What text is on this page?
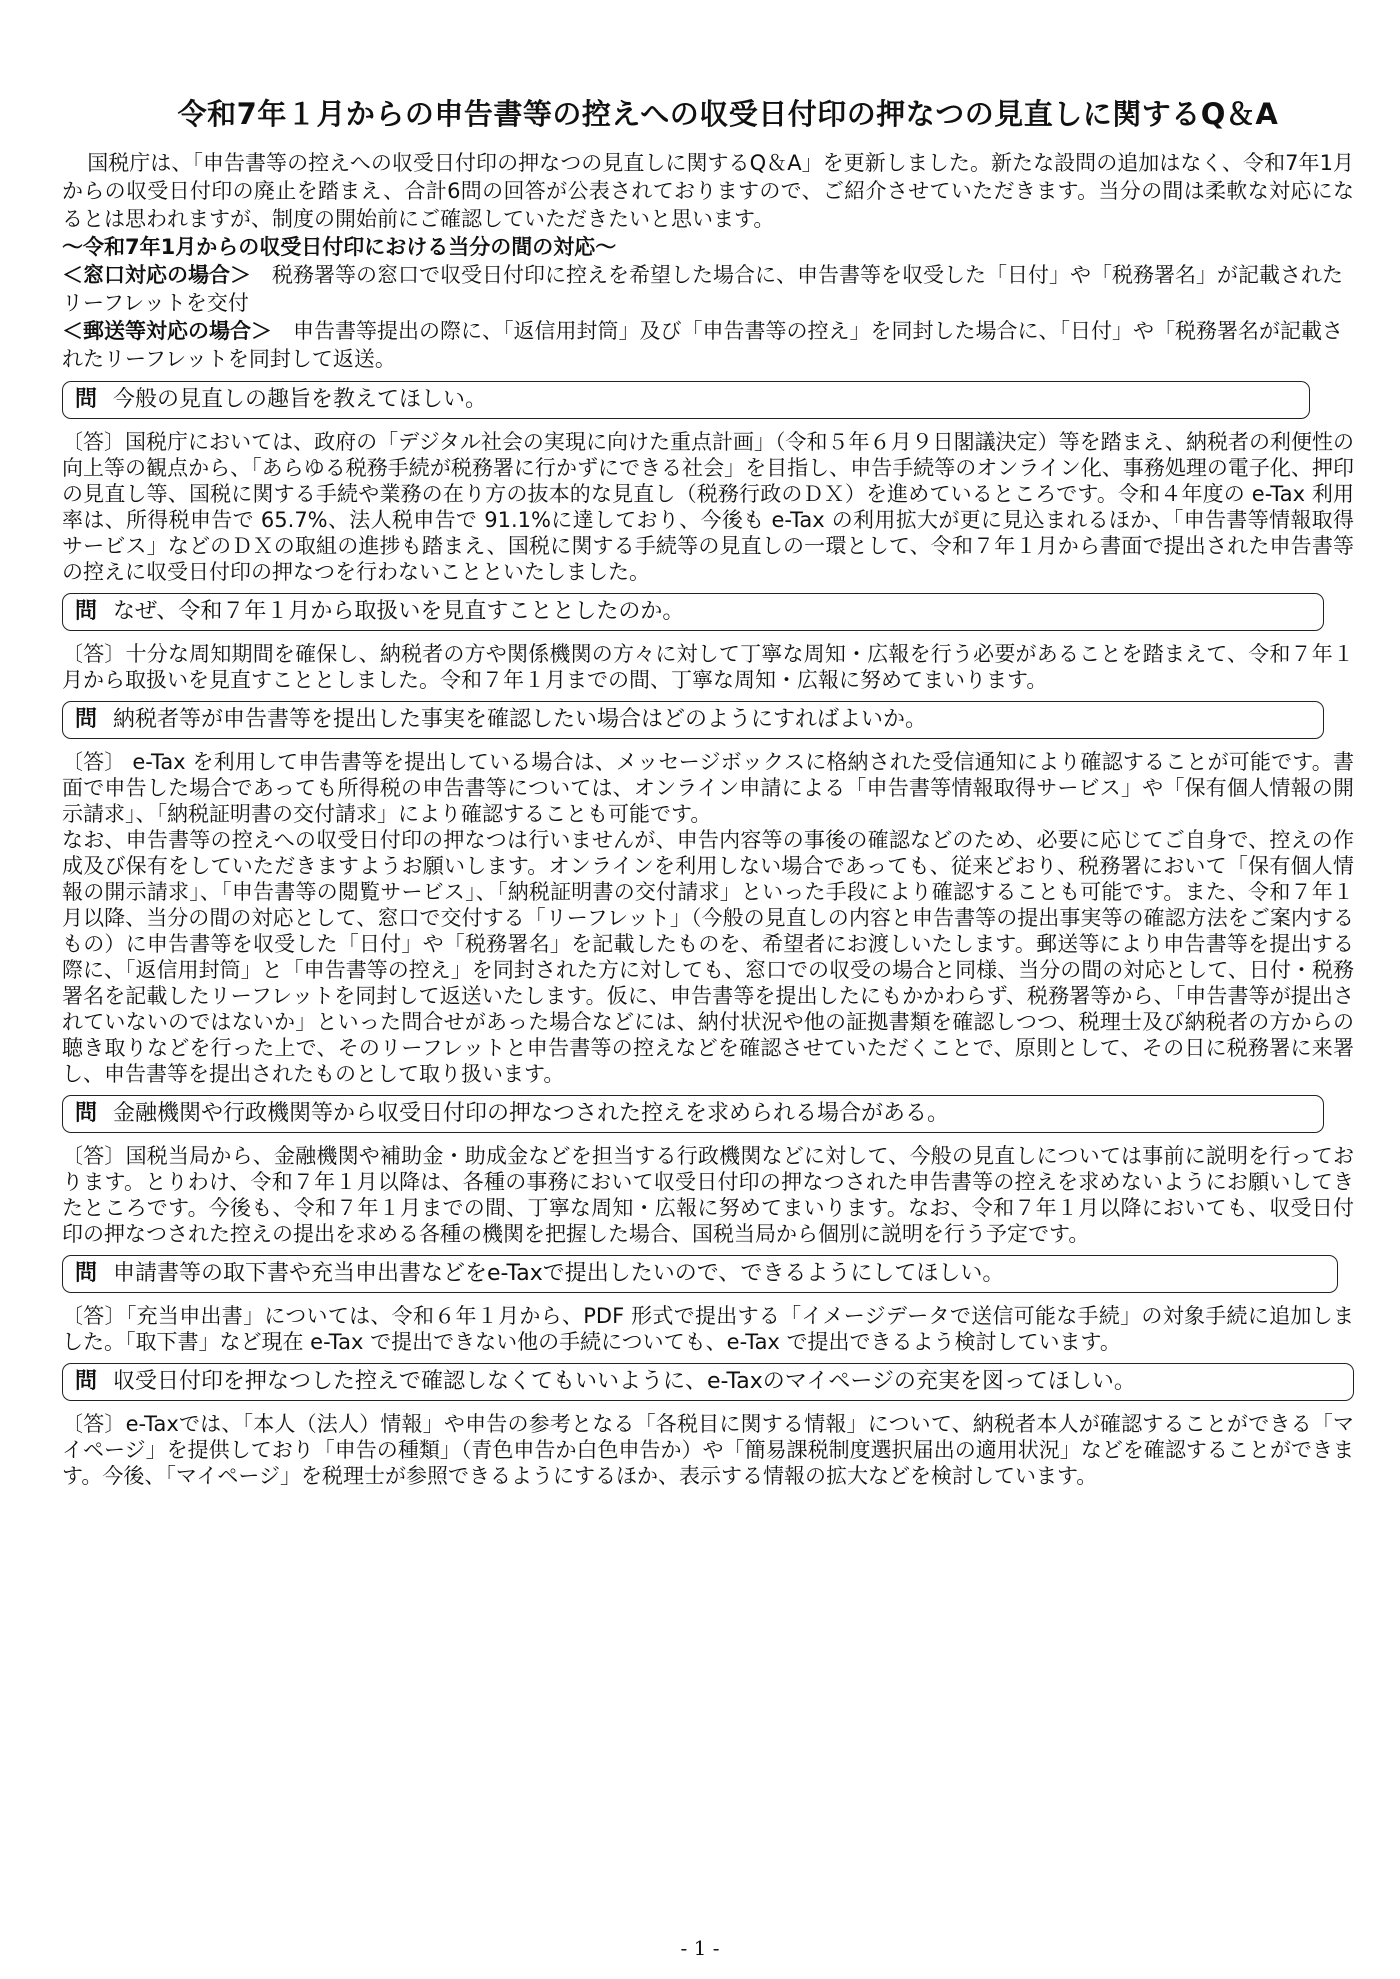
令和7年１月からの申告書等の控えへの収受日付印の押なつの見直しに関するQ＆A

国税庁は、「申告書等の控えへの収受日付印の押なつの見直しに関するQ＆A」を更新しました。新たな設問の追加はなく、令和7年1月からの収受日付印の廃止を踏まえ、合計6問の回答が公表されておりますので、ご紹介させていただきます。当分の間は柔軟な対応になるとは思われますが、制度の開始前にご確認していただきたいと思います。

～令和7年1月からの収受日付印における当分の間の対応～

＜窓口対応の場合＞　税務署等の窓口で収受日付印に控えを希望した場合に、申告書等を収受した「日付」や「税務署名」が記載されたリーフレットを交付

＜郵送等対応の場合＞　申告書等提出の際に、「返信用封筒」及び「申告書等の控え」を同封した場合に、「日付」や「税務署名が記載されたリーフレットを同封して返送。

問 今般の見直しの趣旨を教えてほしい。

〔答〕国税庁においては、政府の「デジタル社会の実現に向けた重点計画」（令和５年６月９日閣議決定）等を踏まえ、納税者の利便性の向上等の観点から、「あらゆる税務手続が税務署に行かずにできる社会」を目指し、申告手続等のオンライン化、事務処理の電子化、押印の見直し等、国税に関する手続や業務の在り方の抜本的な見直し（税務行政のＤＸ）を進めているところです。令和４年度の e-Tax 利用率は、所得税申告で 65.7%、法人税申告で 91.1%に達しており、今後も e-Tax の利用拡大が更に見込まれるほか、「申告書等情報取得サービス」などのＤＸの取組の進捗も踏まえ、国税に関する手続等の見直しの一環として、令和７年１月から書面で提出された申告書等の控えに収受日付印の押なつを行わないことといたしました。

問 なぜ、令和７年１月から取扱いを見直すこととしたのか。

〔答〕十分な周知期間を確保し、納税者の方や関係機関の方々に対して丁寧な周知・広報を行う必要があることを踏まえて、令和７年１月から取扱いを見直すこととしました。令和７年１月までの間、丁寧な周知・広報に努めてまいります。

問 納税者等が申告書等を提出した事実を確認したい場合はどのようにすればよいか。

〔答〕 e-Tax を利用して申告書等を提出している場合は、メッセージボックスに格納された受信通知により確認することが可能です。書面で申告した場合であっても所得税の申告書等については、オンライン申請による「申告書等情報取得サービス」や「保有個人情報の開示請求」、「納税証明書の交付請求」により確認することも可能です。

なお、申告書等の控えへの収受日付印の押なつは行いませんが、申告内容等の事後の確認などのため、必要に応じてご自身で、控えの作成及び保有をしていただきますようお願いします。オンラインを利用しない場合であっても、従来どおり、税務署において「保有個人情報の開示請求」、「申告書等の閲覧サービス」、「納税証明書の交付請求」といった手段により確認することも可能です。また、令和７年１月以降、当分の間の対応として、窓口で交付する「リーフレット」（今般の見直しの内容と申告書等の提出事実等の確認方法をご案内するもの）に申告書等を収受した「日付」や「税務署名」を記載したものを、希望者にお渡しいたします。郵送等により申告書等を提出する際に、「返信用封筒」と「申告書等の控え」を同封された方に対しても、窓口での収受の場合と同様、当分の間の対応として、日付・税務署名を記載したリーフレットを同封して返送いたします。仮に、申告書等を提出したにもかかわらず、税務署等から、「申告書等が提出されていないのではないか」といった問合せがあった場合などには、納付状況や他の証拠書類を確認しつつ、税理士及び納税者の方からの聴き取りなどを行った上で、そのリーフレットと申告書等の控えなどを確認させていただくことで、原則として、その日に税務署に来署し、申告書等を提出されたものとして取り扱います。

問 金融機関や行政機関等から収受日付印の押なつされた控えを求められる場合がある。

〔答〕国税当局から、金融機関や補助金・助成金などを担当する行政機関などに対して、今般の見直しについては事前に説明を行っております。とりわけ、令和７年１月以降は、各種の事務において収受日付印の押なつされた申告書等の控えを求めないようにお願いしてきたところです。今後も、令和７年１月までの間、丁寧な周知・広報に努めてまいります。なお、令和７年１月以降においても、収受日付印の押なつされた控えの提出を求める各種の機関を把握した場合、国税当局から個別に説明を行う予定です。

問 申請書等の取下書や充当申出書などをe-Taxで提出したいので、できるようにしてほしい。

〔答〕「充当申出書」については、令和６年１月から、PDF 形式で提出する「イメージデータで送信可能な手続」の対象手続に追加しました。「取下書」など現在 e-Tax で提出できない他の手続についても、e-Tax で提出できるよう検討しています。

問 収受日付印を押なつした控えで確認しなくてもいいように、e-Taxのマイページの充実を図ってほしい。

〔答〕e-Taxでは、「本人（法人）情報」や申告の参考となる「各税目に関する情報」について、納税者本人が確認することができる「マイページ」を提供しており「申告の種類」（青色申告か白色申告か）や「簡易課税制度選択届出の適用状況」などを確認することができます。今後、「マイページ」を税理士が参照できるようにするほか、表示する情報の拡大などを検討しています。

- 1 -
